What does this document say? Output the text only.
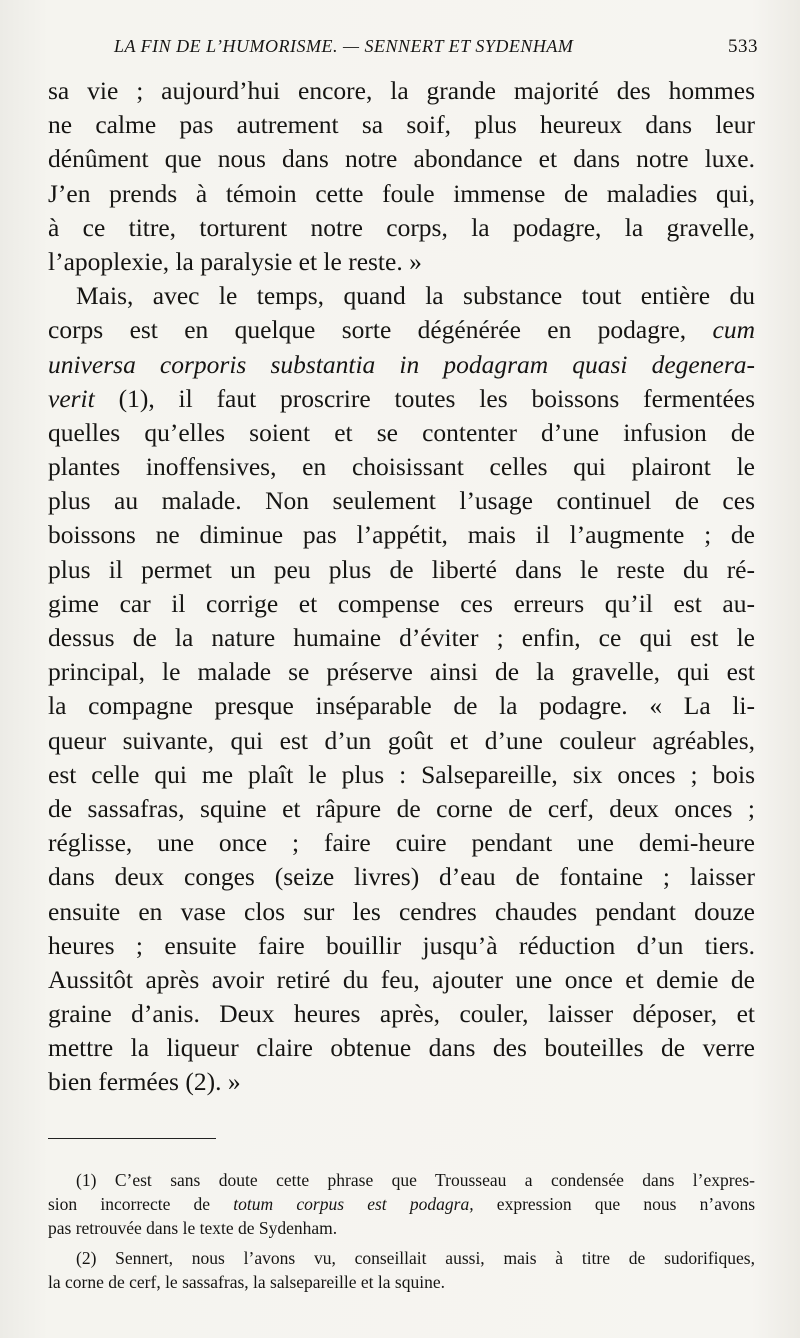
LA FIN DE L’HUMORISME. — SENNERT ET SYDENHAM	533
sa vie ; aujourd’hui encore, la grande majorité des hommes
ne calme pas autrement sa soif, plus heureux dans leur
dénûment que nous dans notre abondance et dans notre luxe.
J’en prends à témoin cette foule immense de maladies qui,
à ce titre, torturent notre corps, la podagre, la gravelle,
l’apoplexie, la paralysie et le reste. »
Mais, avec le temps, quand la substance tout entière du
corps est en quelque sorte dégénérée en podagre, cum
universa corporis substantia in podagram quasi degenera-
verit (1), il faut proscrire toutes les boissons fermentées
quelles qu’elles soient et se contenter d’une infusion de
plantes inoffensives, en choisissant celles qui plairont le
plus au malade. Non seulement l’usage continuel de ces
boissons ne diminue pas l’appétit, mais il l’augmente ; de
plus il permet un peu plus de liberté dans le reste du ré-
gime car il corrige et compense ces erreurs qu’il est au-
dessus de la nature humaine d’éviter ; enfin, ce qui est le
principal, le malade se préserve ainsi de la gravelle, qui est
la compagne presque inséparable de la podagre. « La li-
queur suivante, qui est d’un goût et d’une couleur agréables,
est celle qui me plaît le plus : Salsepareille, six onces ; bois
de sassafras, squine et râpure de corne de cerf, deux onces ;
réglisse, une once ; faire cuire pendant une demi-heure
dans deux conges (seize livres) d’eau de fontaine ; laisser
ensuite en vase clos sur les cendres chaudes pendant douze
heures ; ensuite faire bouillir jusqu’à réduction d’un tiers.
Aussitôt après avoir retiré du feu, ajouter une once et demie de
graine d’anis. Deux heures après, couler, laisser déposer, et
mettre la liqueur claire obtenue dans des bouteilles de verre
bien fermées (2). »
(1) C’est sans doute cette phrase que Trousseau a condensée dans l’expres-
sion incorrecte de totum corpus est podagra, expression que nous n’avons
pas retrouvée dans le texte de Sydenham.
(2) Sennert, nous l’avons vu, conseillait aussi, mais à titre de sudorifiques,
la corne de cerf, le sassafras, la salsepareille et la squine.
